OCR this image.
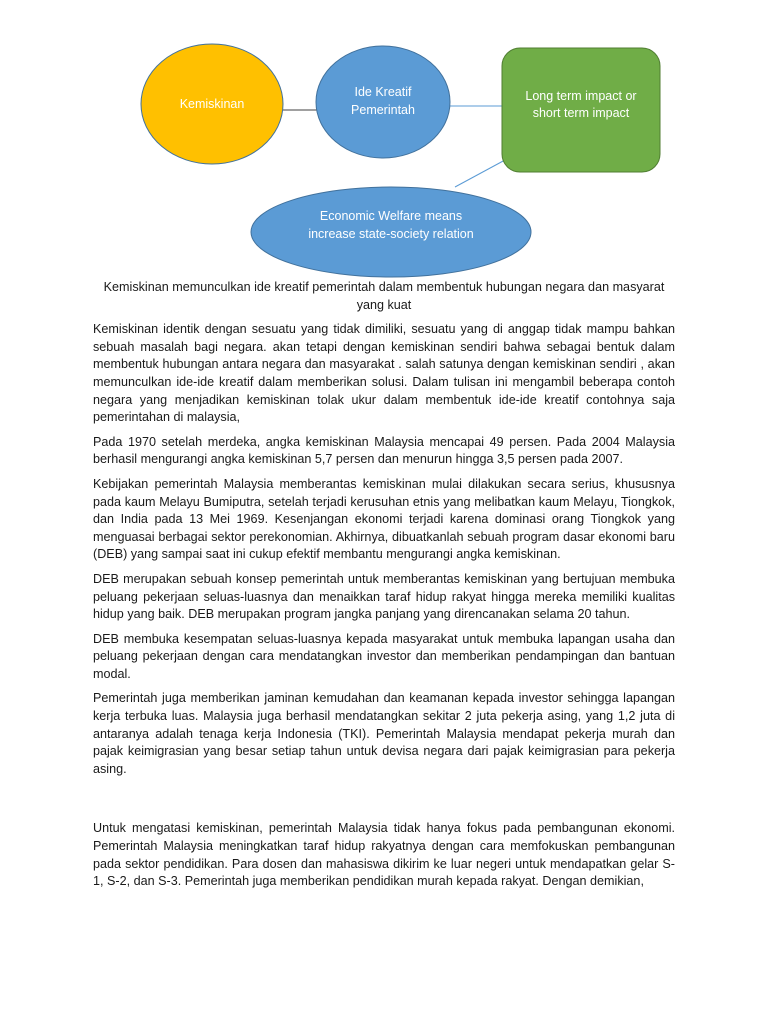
Kemiskinan
Ide Kreatif
Pemerintah
Long term impact or
short term impact
Economic Welfare means
increase state-society relation

Kemiskinan memunculkan ide kreatif pemerintah dalam membentuk hubungan negara dan masyarat yang kuat

Kemiskinan identik dengan sesuatu yang tidak dimiliki, sesuatu yang di anggap tidak mampu bahkan sebuah masalah bagi negara. akan tetapi dengan kemiskinan sendiri bahwa sebagai bentuk dalam membentuk hubungan antara negara dan masyarakat . salah satunya dengan kemiskinan sendiri , akan memunculkan ide-ide kreatif dalam memberikan solusi. Dalam tulisan ini mengambil beberapa contoh negara yang menjadikan kemiskinan tolak ukur dalam membentuk ide-ide kreatif contohnya saja pemerintahan di malaysia,

Pada 1970 setelah merdeka, angka kemiskinan Malaysia mencapai 49 persen. Pada 2004 Malaysia berhasil mengurangi angka kemiskinan 5,7 persen dan menurun hingga 3,5 persen pada 2007.

Kebijakan pemerintah Malaysia memberantas kemiskinan mulai dilakukan secara serius, khususnya pada kaum Melayu Bumiputra, setelah terjadi kerusuhan etnis yang melibatkan kaum Melayu, Tiongkok, dan India pada 13 Mei 1969. Kesenjangan ekonomi terjadi karena dominasi orang Tiongkok yang menguasai berbagai sektor perekonomian. Akhirnya, dibuatkanlah sebuah program dasar ekonomi baru (DEB) yang sampai saat ini cukup efektif membantu mengurangi angka kemiskinan.

DEB merupakan sebuah konsep pemerintah untuk memberantas kemiskinan yang bertujuan membuka peluang pekerjaan seluas-luasnya dan menaikkan taraf hidup rakyat hingga mereka memiliki kualitas hidup yang baik. DEB merupakan program jangka panjang yang direncanakan selama 20 tahun.

DEB membuka kesempatan seluas-luasnya kepada masyarakat untuk membuka lapangan usaha dan peluang pekerjaan dengan cara mendatangkan investor dan memberikan pendampingan dan bantuan modal.

Pemerintah juga memberikan jaminan kemudahan dan keamanan kepada investor sehingga lapangan kerja terbuka luas. Malaysia juga berhasil mendatangkan sekitar 2 juta pekerja asing, yang 1,2 juta di antaranya adalah tenaga kerja Indonesia (TKI). Pemerintah Malaysia mendapat pekerja murah dan pajak keimigrasian yang besar setiap tahun untuk devisa negara dari pajak keimigrasian para pekerja asing.

Untuk mengatasi kemiskinan, pemerintah Malaysia tidak hanya fokus pada pembangunan ekonomi. Pemerintah Malaysia meningkatkan taraf hidup rakyatnya dengan cara memfokuskan pembangunan pada sektor pendidikan. Para dosen dan mahasiswa dikirim ke luar negeri untuk mendapatkan gelar S-1, S-2, dan S-3. Pemerintah juga memberikan pendidikan murah kepada rakyat. Dengan demikian,
